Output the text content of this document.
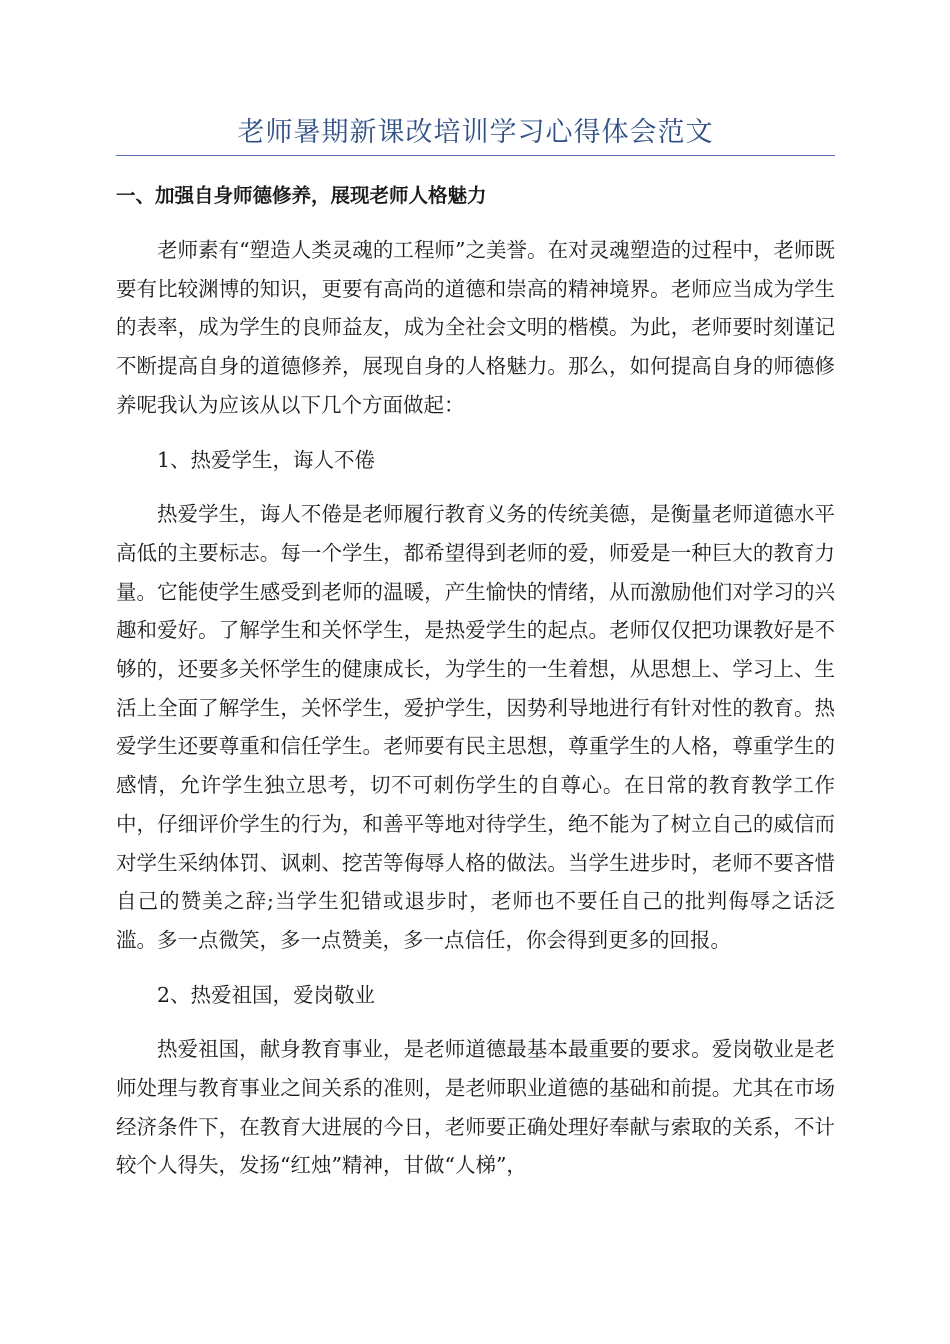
老师暑期新课改培训学习心得体会范文
一、加强自身师德修养，展现老师人格魅力

老师素有“塑造人类灵魂的工程师”之美誉。在对灵魂塑造的过程中，老师既要有比较渊博的知识，更要有高尚的道德和崇高的精神境界。老师应当成为学生的表率，成为学生的良师益友，成为全社会文明的楷模。为此，老师要时刻谨记不断提高自身的道德修养，展现自身的人格魅力。那么，如何提高自身的师德修养呢我认为应该从以下几个方面做起：

1、热爱学生，诲人不倦

热爱学生，诲人不倦是老师履行教育义务的传统美德，是衡量老师道德水平高低的主要标志。每一个学生，都希望得到老师的爱，师爱是一种巨大的教育力量。它能使学生感受到老师的温暖，产生愉快的情绪，从而激励他们对学习的兴趣和爱好。了解学生和关怀学生，是热爱学生的起点。老师仅仅把功课教好是不够的，还要多关怀学生的健康成长，为学生的一生着想，从思想上、学习上、生活上全面了解学生，关怀学生，爱护学生，因势利导地进行有针对性的教育。热爱学生还要尊重和信任学生。老师要有民主思想，尊重学生的人格，尊重学生的感情，允许学生独立思考，切不可刺伤学生的自尊心。在日常的教育教学工作中，仔细评价学生的行为，和善平等地对待学生，绝不能为了树立自己的威信而对学生采纳体罚、讽刺、挖苦等侮辱人格的做法。当学生进步时，老师不要吝惜自己的赞美之辞;当学生犯错或退步时，老师也不要任自己的批判侮辱之话泛滥。多一点微笑，多一点赞美，多一点信任，你会得到更多的回报。

2、热爱祖国，爱岗敬业

热爱祖国，献身教育事业，是老师道德最基本最重要的要求。爱岗敬业是老师处理与教育事业之间关系的准则，是老师职业道德的基础和前提。尤其在市场经济条件下，在教育大进展的今日，老师要正确处理好奉献与索取的关系，不计较个人得失，发扬“红烛”精神，甘做“人梯”，
